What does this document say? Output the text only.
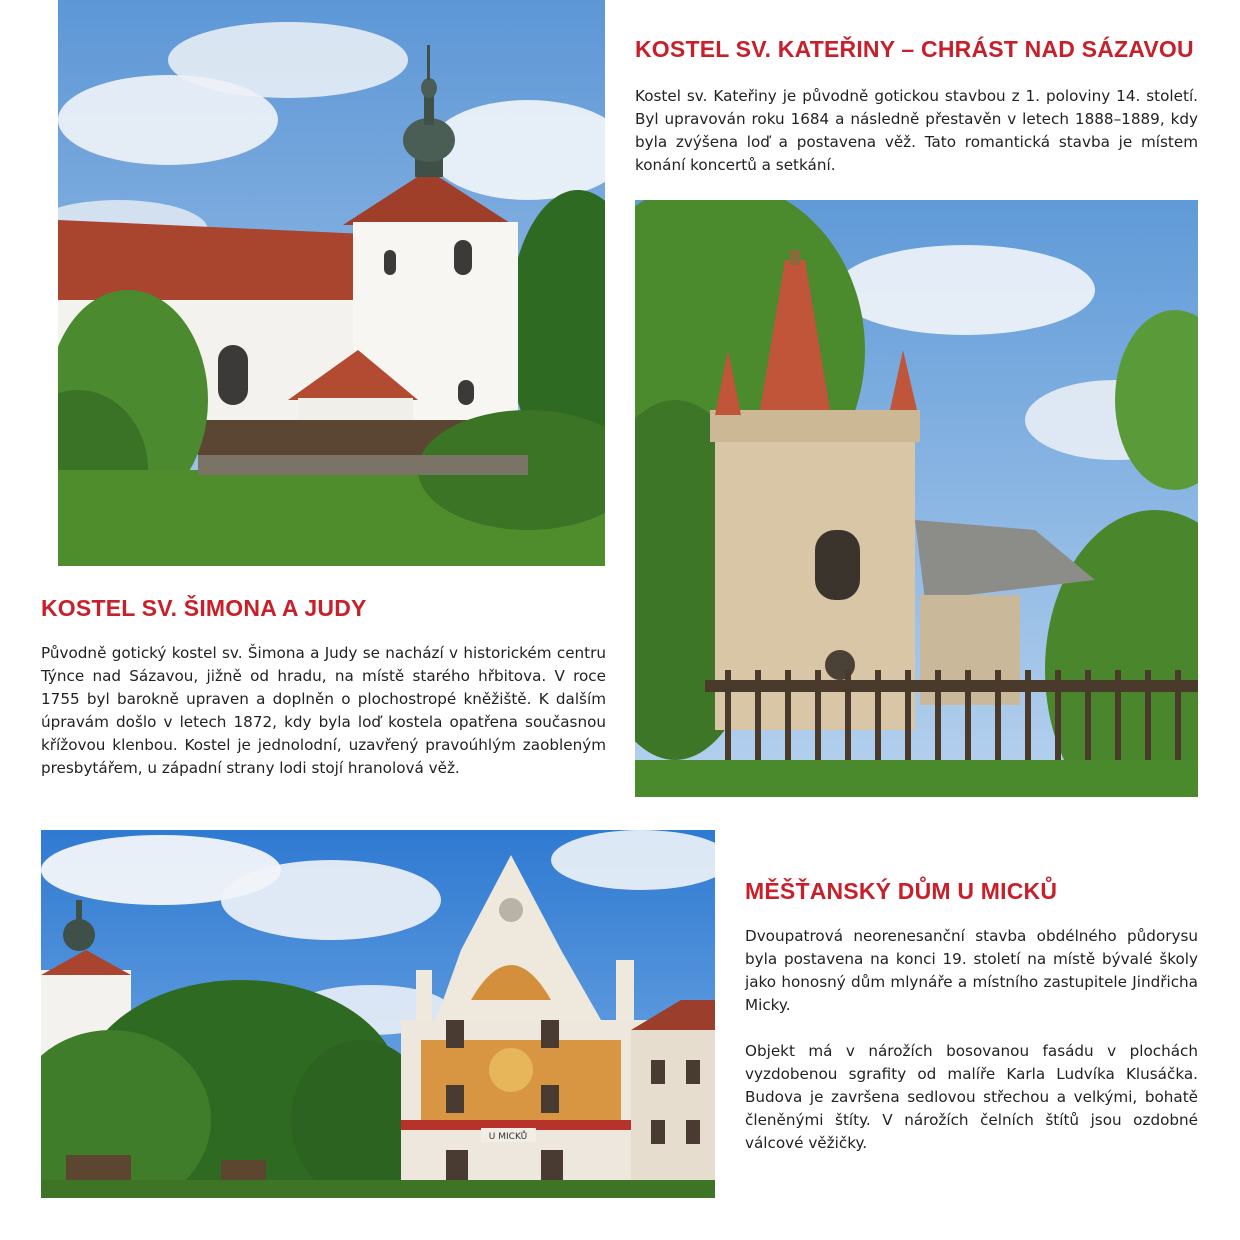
U MICKŮ
KOSTEL SV. KATEŘINY – CHRÁST NAD SÁZAVOU

Kostel sv. Kateřiny je původně gotickou stavbou z 1. poloviny 14. století. Byl upravován roku 1684 a následně přestavěn v letech 1888–1889, kdy byla zvýšena loď a postavena věž. Tato romantická stavba je místem konání koncertů a setkání.

KOSTEL SV. ŠIMONA A JUDY

Původně gotický kostel sv. Šimona a Judy se nachází v historickém centru Týnce nad Sázavou, jižně od hradu, na místě starého hřbitova. V roce 1755 byl barokně upraven a doplněn o plochostropé kněžiště. K dalším úpravám došlo v letech 1872, kdy byla loď kostela opatřena současnou křížovou klenbou. Kostel je jednolodní, uzavřený pravoúhlým zaobleným presbytářem, u západní strany lodi stojí hranolová věž.

MĚŠŤANSKÝ DŮM U MICKŮ

Dvoupatrová neorenesanční stavba obdélného půdorysu byla postavena na konci 19. století na místě bývalé školy jako honosný dům mlynáře a místního zastupitele Jindřicha Micky.

Objekt má v nárožích bosovanou fasádu v plochách vyzdobenou sgrafity od malíře Karla Ludvíka Klusáčka. Budova je završena sedlovou střechou a velkými, bohatě členěnými štíty. V nárožích čelních štítů jsou ozdobné válcové věžičky.
